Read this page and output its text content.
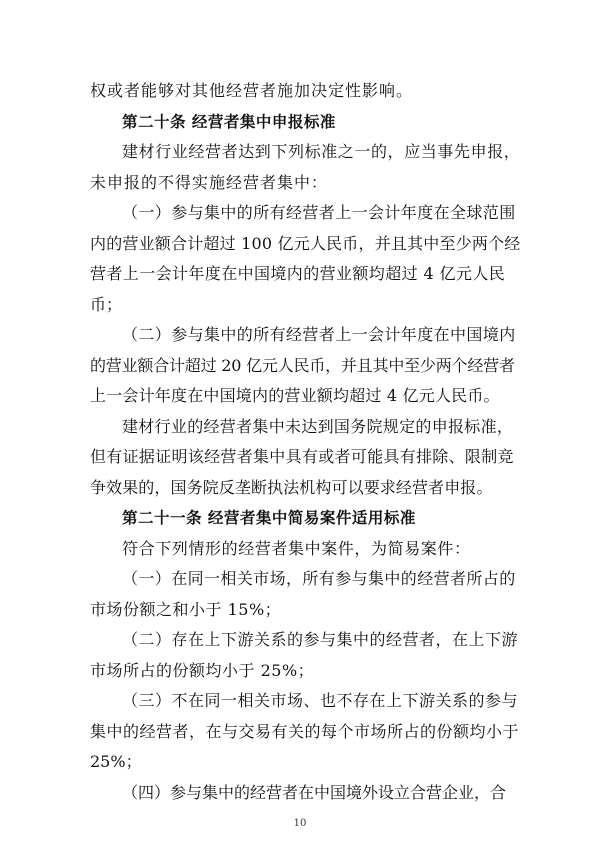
权或者能够对其他经营者施加决定性影响。
第二十条 经营者集中申报标准
建材行业经营者达到下列标准之一的，应当事先申报，
未申报的不得实施经营者集中：
（一）参与集中的所有经营者上一会计年度在全球范围
内的营业额合计超过 100 亿元人民币，并且其中至少两个经
营者上一会计年度在中国境内的营业额均超过 4 亿元人民
币；
（二）参与集中的所有经营者上一会计年度在中国境内
的营业额合计超过 20 亿元人民币，并且其中至少两个经营者
上一会计年度在中国境内的营业额均超过 4 亿元人民币。
建材行业的经营者集中未达到国务院规定的申报标准，
但有证据证明该经营者集中具有或者可能具有排除、限制竞
争效果的，国务院反垄断执法机构可以要求经营者申报。
第二十一条 经营者集中简易案件适用标准
符合下列情形的经营者集中案件，为简易案件：
（一）在同一相关市场，所有参与集中的经营者所占的
市场份额之和小于 15%；
（二）存在上下游关系的参与集中的经营者，在上下游
市场所占的份额均小于 25%；
（三）不在同一相关市场、也不存在上下游关系的参与
集中的经营者，在与交易有关的每个市场所占的份额均小于
25%；
（四）参与集中的经营者在中国境外设立合营企业，合
10
